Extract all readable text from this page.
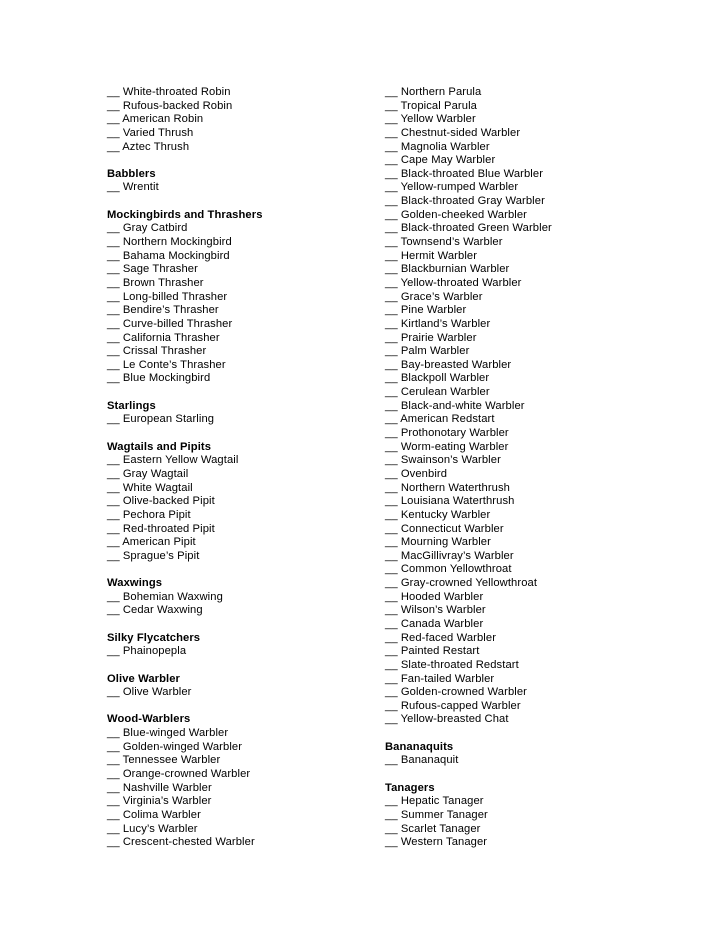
__ White-throated Robin
__ Rufous-backed Robin
__ American Robin
__ Varied Thrush
__ Aztec Thrush
Babblers
__ Wrentit
Mockingbirds and Thrashers
__ Gray Catbird
__ Northern Mockingbird
__ Bahama Mockingbird
__ Sage Thrasher
__ Brown Thrasher
__ Long-billed Thrasher
__ Bendire’s Thrasher
__ Curve-billed Thrasher
__ California Thrasher
__ Crissal Thrasher
__ Le Conte’s Thrasher
__ Blue Mockingbird
Starlings
__ European Starling
Wagtails and Pipits
__ Eastern Yellow Wagtail
__ Gray Wagtail
__ White Wagtail
__ Olive-backed Pipit
__ Pechora Pipit
__ Red-throated Pipit
__ American Pipit
__ Sprague’s Pipit
Waxwings
__ Bohemian Waxwing
__ Cedar Waxwing
Silky Flycatchers
__ Phainopepla
Olive Warbler
__ Olive Warbler
Wood-Warblers
__ Blue-winged Warbler
__ Golden-winged Warbler
__ Tennessee Warbler
__ Orange-crowned Warbler
__ Nashville Warbler
__ Virginia’s Warbler
__ Colima Warbler
__ Lucy’s Warbler
__ Crescent-chested Warbler
__ Northern Parula
__ Tropical Parula
__ Yellow Warbler
__ Chestnut-sided Warbler
__ Magnolia Warbler
__ Cape May Warbler
__ Black-throated Blue Warbler
__ Yellow-rumped Warbler
__ Black-throated Gray Warbler
__ Golden-cheeked Warbler
__ Black-throated Green Warbler
__ Townsend’s Warbler
__ Hermit Warbler
__ Blackburnian Warbler
__ Yellow-throated Warbler
__ Grace’s Warbler
__ Pine Warbler
__ Kirtland’s Warbler
__ Prairie Warbler
__ Palm Warbler
__ Bay-breasted Warbler
__ Blackpoll Warbler
__ Cerulean Warbler
__ Black-and-white Warbler
__ American Redstart
__ Prothonotary Warbler
__ Worm-eating Warbler
__ Swainson’s Warbler
__ Ovenbird
__ Northern Waterthrush
__ Louisiana Waterthrush
__ Kentucky Warbler
__ Connecticut Warbler
__ Mourning Warbler
__ MacGillivray’s Warbler
__ Common Yellowthroat
__ Gray-crowned Yellowthroat
__ Hooded Warbler
__ Wilson’s Warbler
__ Canada Warbler
__ Red-faced Warbler
__ Painted Restart
__ Slate-throated Redstart
__ Fan-tailed Warbler
__ Golden-crowned Warbler
__ Rufous-capped Warbler
__ Yellow-breasted Chat
Bananaquits
__ Bananaquit
Tanagers
__ Hepatic Tanager
__ Summer Tanager
__ Scarlet Tanager
__ Western Tanager
